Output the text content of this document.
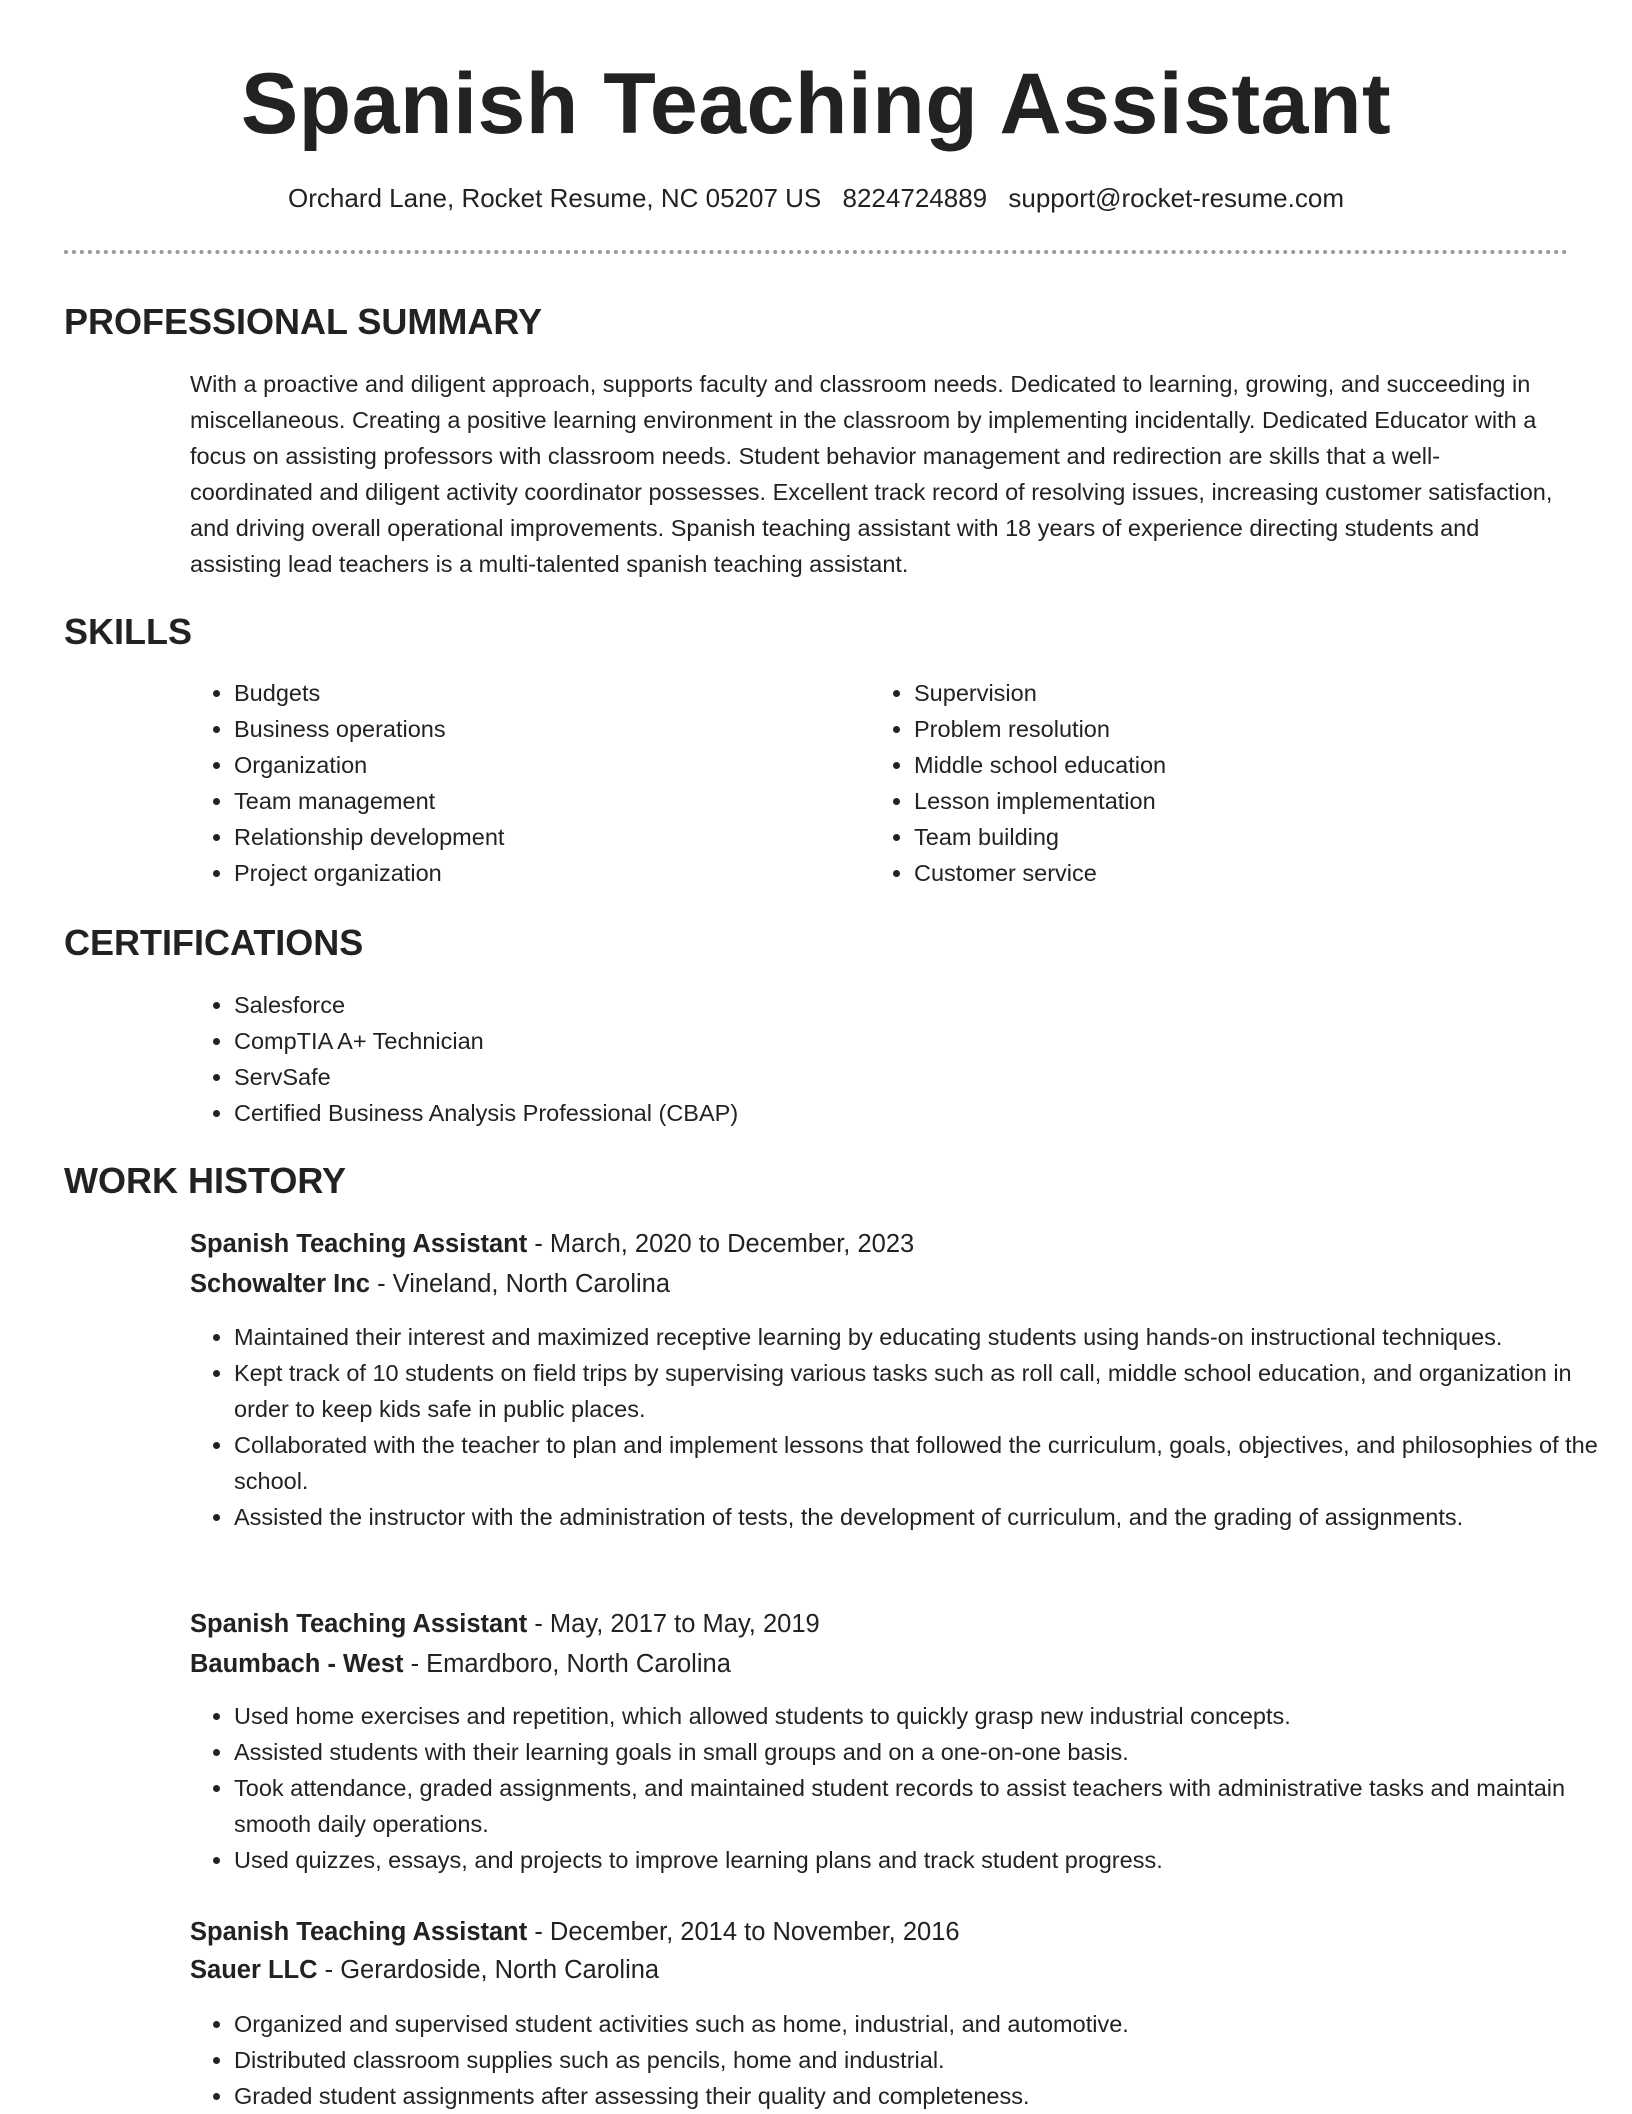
Spanish Teaching Assistant
Orchard Lane, Rocket Resume, NC 05207 US 8224724889 support@rocket-resume.com
PROFESSIONAL SUMMARY

With a proactive and diligent approach, supports faculty and classroom needs. Dedicated to learning, growing, and succeeding in miscellaneous. Creating a positive learning environment in the classroom by implementing incidentally. Dedicated Educator with a focus on assisting professors with classroom needs. Student behavior management and redirection are skills that a well-coordinated and diligent activity coordinator possesses. Excellent track record of resolving issues, increasing customer satisfaction, and driving overall operational improvements. Spanish teaching assistant with 18 years of experience directing students and assisting lead teachers is a multi-talented spanish teaching assistant.

SKILLS
• Budgets
• Business operations
• Organization
• Team management
• Relationship development
• Project organization
• Supervision
• Problem resolution
• Middle school education
• Lesson implementation
• Team building
• Customer service
CERTIFICATIONS
• Salesforce
• CompTIA A+ Technician
• ServSafe
• Certified Business Analysis Professional (CBAP)
WORK HISTORY
Spanish Teaching Assistant - March, 2020 to December, 2023
Schowalter Inc - Vineland, North Carolina
• Maintained their interest and maximized receptive learning by educating students using hands-on instructional techniques.
• Kept track of 10 students on field trips by supervising various tasks such as roll call, middle school education, and organization in order to keep kids safe in public places.
• Collaborated with the teacher to plan and implement lessons that followed the curriculum, goals, objectives, and philosophies of the school.
• Assisted the instructor with the administration of tests, the development of curriculum, and the grading of assignments.
Spanish Teaching Assistant - May, 2017 to May, 2019
Baumbach - West - Emardboro, North Carolina
• Used home exercises and repetition, which allowed students to quickly grasp new industrial concepts.
• Assisted students with their learning goals in small groups and on a one-on-one basis.
• Took attendance, graded assignments, and maintained student records to assist teachers with administrative tasks and maintain smooth daily operations.
• Used quizzes, essays, and projects to improve learning plans and track student progress.
Spanish Teaching Assistant - December, 2014 to November, 2016
Sauer LLC - Gerardoside, North Carolina
• Organized and supervised student activities such as home, industrial, and automotive.
• Distributed classroom supplies such as pencils, home and industrial.
• Graded student assignments after assessing their quality and completeness.
